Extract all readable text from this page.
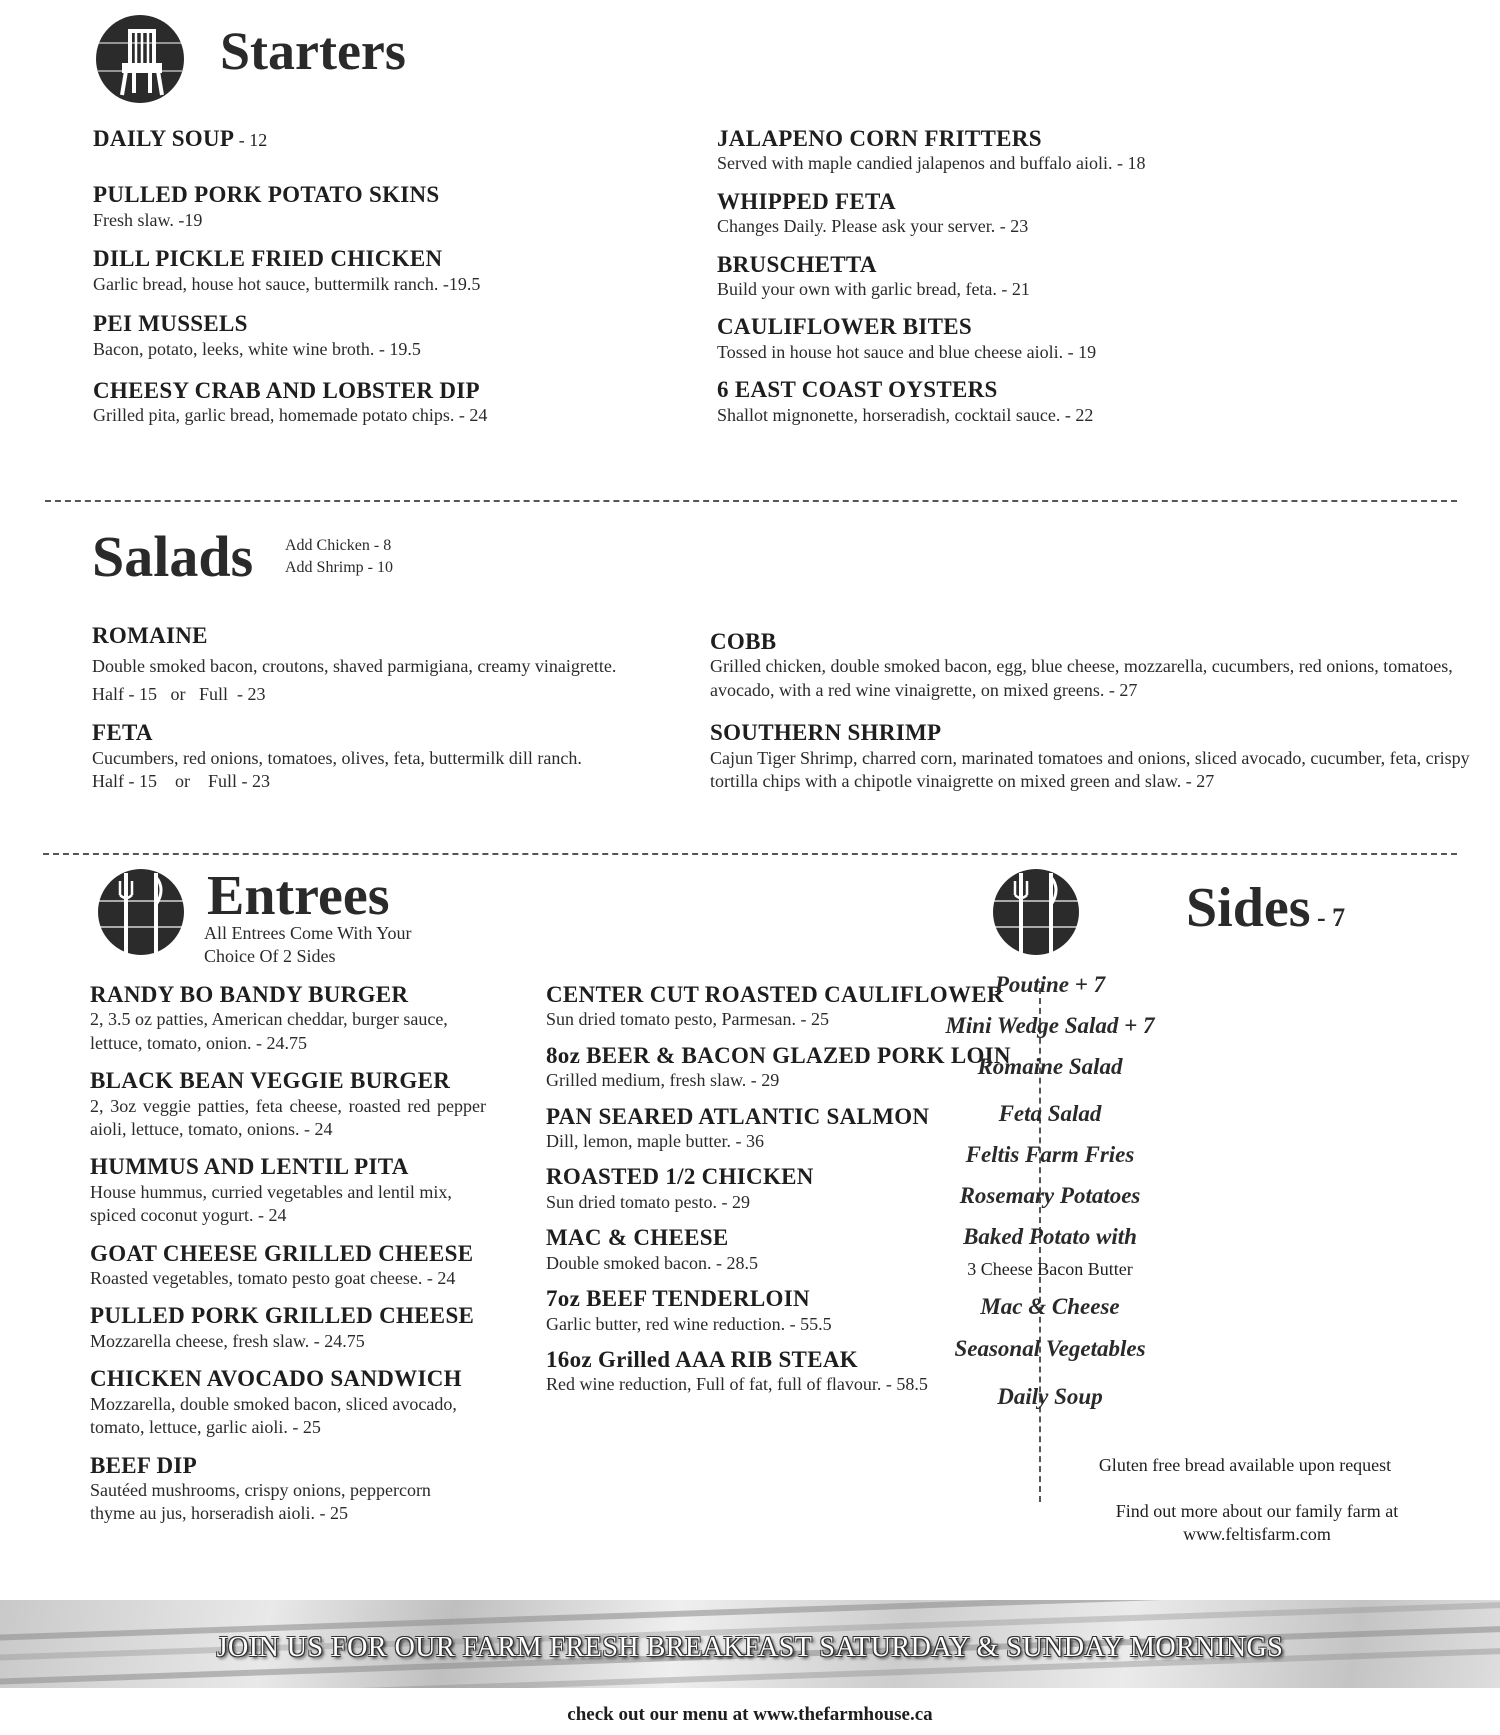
Starters
DAILY SOUP - 12
PULLED PORK POTATO SKINS
Fresh slaw. -19
DILL PICKLE FRIED CHICKEN
Garlic bread, house hot sauce, buttermilk ranch. -19.5
PEI MUSSELS
Bacon, potato, leeks, white wine broth. - 19.5
CHEESY CRAB AND LOBSTER DIP
Grilled pita, garlic bread, homemade potato chips. - 24
JALAPENO CORN FRITTERS
Served with maple candied jalapenos and buffalo aioli. - 18
WHIPPED FETA
Changes Daily. Please ask your server. - 23
BRUSCHETTA
Build your own with garlic bread, feta. - 21
CAULIFLOWER BITES
Tossed in house hot sauce and blue cheese aioli. - 19
6 EAST COAST OYSTERS
Shallot mignonette, horseradish, cocktail sauce. - 22
Salads Add Chicken - 8
Add Shrimp - 10
ROMAINE
Double smoked bacon, croutons, shaved parmigiana, creamy vinaigrette.
Half - 15   or   Full  - 23
FETA
Cucumbers, red onions, tomatoes, olives, feta, buttermilk dill ranch.
Half - 15    or    Full - 23
COBB
Grilled chicken, double smoked bacon, egg, blue cheese, mozzarella, cucumbers, red onions, tomatoes, avocado, with a red wine vinaigrette, on mixed greens. - 27
SOUTHERN SHRIMP
Cajun Tiger Shrimp, charred corn, marinated tomatoes and onions, sliced avocado, cucumber, feta, crispy tortilla chips with a chipotle vinaigrette on mixed green and slaw. - 27
Entrees
All Entrees Come With Your
Choice Of 2 Sides
RANDY BO BANDY BURGER
2, 3.5 oz patties, American cheddar, burger sauce, lettuce, tomato, onion. - 24.75
BLACK BEAN VEGGIE BURGER
2, 3oz veggie patties, feta cheese, roasted red pepper aioli, lettuce, tomato, onions. - 24
HUMMUS AND LENTIL PITA
House hummus, curried vegetables and lentil mix, spiced coconut yogurt. - 24
GOAT CHEESE GRILLED CHEESE
Roasted vegetables, tomato pesto goat cheese. - 24
PULLED PORK GRILLED CHEESE
Mozzarella cheese, fresh slaw. - 24.75
CHICKEN AVOCADO SANDWICH
Mozzarella, double smoked bacon, sliced avocado, tomato, lettuce, garlic aioli. - 25
BEEF DIP
Sautéed mushrooms, crispy onions, peppercorn thyme au jus, horseradish aioli. - 25
CENTER CUT ROASTED CAULIFLOWER
Sun dried tomato pesto, Parmesan. - 25
8oz BEER & BACON GLAZED PORK LOIN
Grilled medium, fresh slaw. - 29
PAN SEARED ATLANTIC SALMON
Dill, lemon, maple butter. - 36
ROASTED 1/2 CHICKEN
Sun dried tomato pesto. - 29
MAC & CHEESE
Double smoked bacon. - 28.5
7oz BEEF TENDERLOIN
Garlic butter, red wine reduction. - 55.5
16oz Grilled AAA RIB STEAK
Red wine reduction, Full of fat, full of flavour. - 58.5
Sides - 7
Poutine + 7
Mini Wedge Salad + 7
Romaine Salad
Feta Salad
Feltis Farm Fries
Rosemary Potatoes
Baked Potato with
3 Cheese Bacon Butter
Mac & Cheese
Seasonal Vegetables
Daily Soup
Gluten free bread available upon request
Find out more about our family farm at
www.feltisfarm.com
JOIN US FOR OUR FARM FRESH BREAKFAST SATURDAY & SUNDAY MORNINGS
check out our menu at www.thefarmhouse.ca
